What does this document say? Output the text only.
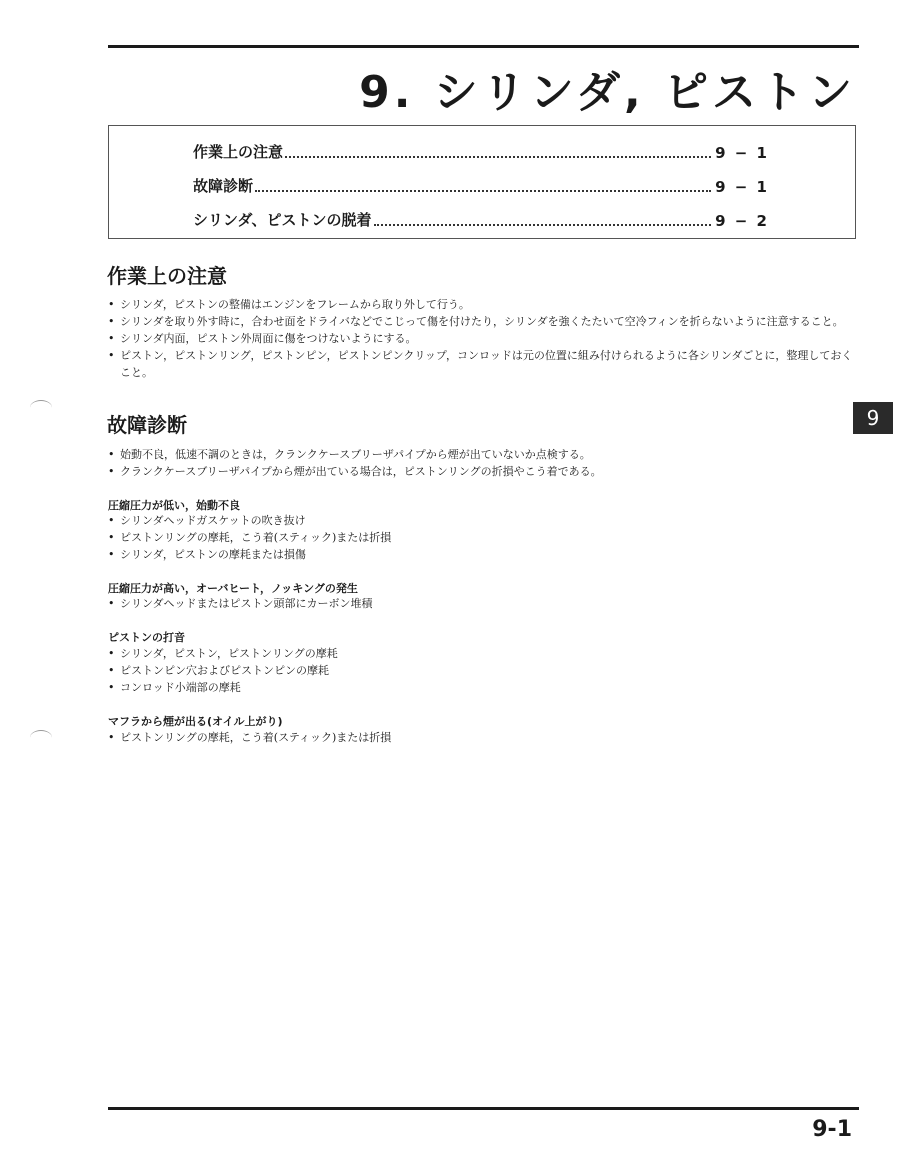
9. シリンダ, ピストン
作業上の注意	9 − 1
故障診断	9 − 1
シリンダ、ピストンの脱着	9 − 2
作業上の注意
• シリンダ，ピストンの整備はエンジンをフレームから取り外して行う。
• シリンダを取り外す時に，合わせ面をドライバなどでこじって傷を付けたり，シリンダを強くたたいて空冷フィンを折らないように注意すること。
• シリンダ内面，ピストン外周面に傷をつけないようにする。
• ピストン，ピストンリング，ピストンピン，ピストンピンクリップ，コンロッドは元の位置に組み付けられるように各シリンダごとに，整理しておくこと。
故障診断
• 始動不良，低速不調のときは，クランクケースブリーザパイプから煙が出ていないか点検する。
• クランクケースブリーザパイプから煙が出ている場合は，ピストンリングの折損やこう着である。
圧縮圧力が低い，始動不良
• シリンダヘッドガスケットの吹き抜け
• ピストンリングの摩耗，こう着(スティック)または折損
• シリンダ，ピストンの摩耗または損傷
圧縮圧力が高い，オーバヒート，ノッキングの発生
• シリンダヘッドまたはピストン頭部にカーボン堆積
ピストンの打音
• シリンダ，ピストン，ピストンリングの摩耗
• ピストンピン穴およびピストンピンの摩耗
• コンロッド小端部の摩耗
マフラから煙が出る(オイル上がり)
• ピストンリングの摩耗，こう着(スティック)または折損
9
9-1
